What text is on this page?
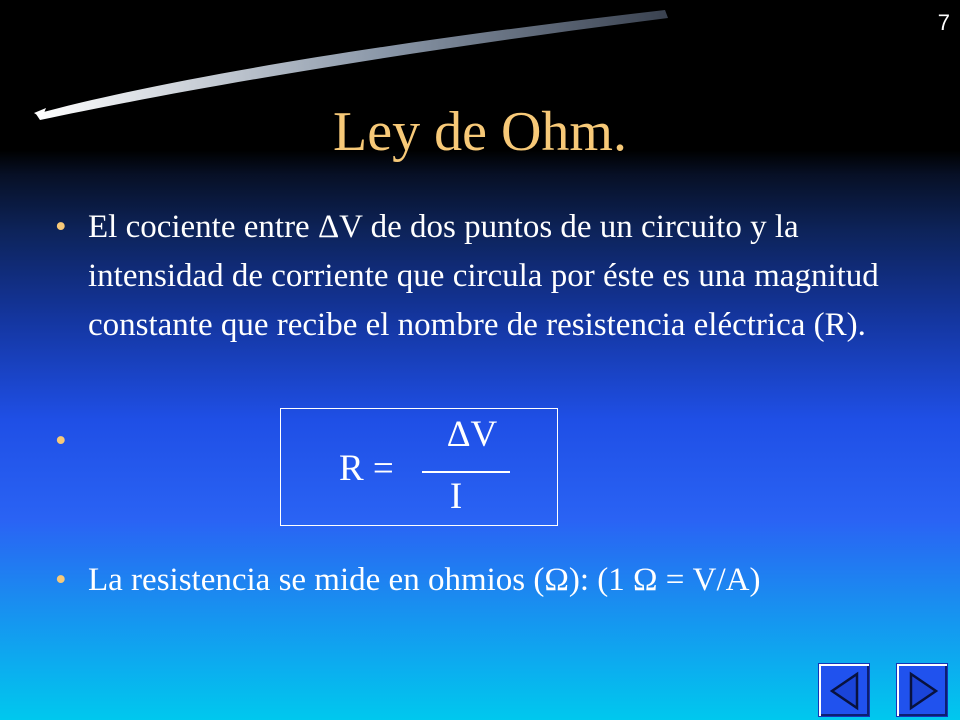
7
Ley de Ohm.
• El cociente entre ΔV de dos puntos de un circuito y la intensidad de corriente que circula por éste es una magnitud constante que recibe el nombre de resistencia eléctrica (R).
•
R =
ΔV
I
• La resistencia se mide en ohmios (Ω): (1 Ω = V/A)
